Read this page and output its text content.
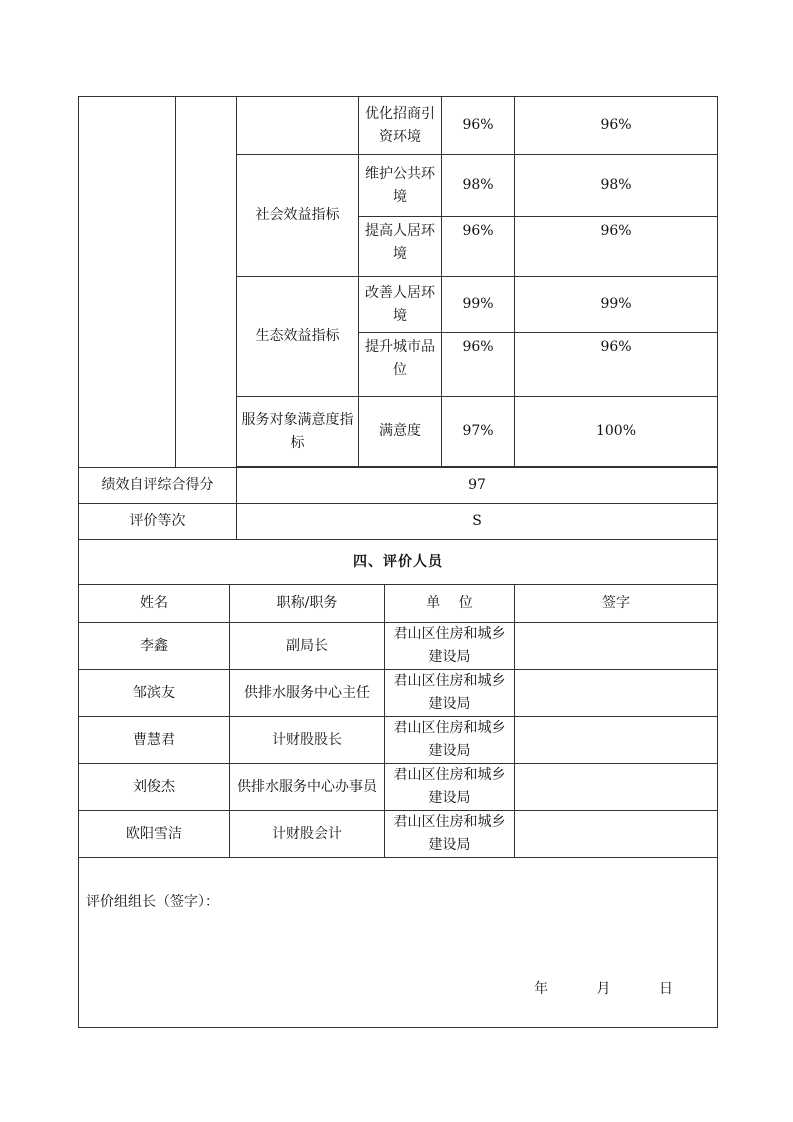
			优化招商引资环境	96%	96%
		社会效益指标	维护公共环境	98%	98%
			提高人居环境	96%	96%
		生态效益指标	改善人居环境	99%	99%
			提升城市品位	96%	96%
		服务对象满意度指标	满意度	97%	100%

绩效自评综合得分		97			
评价等次		S			
四、评价人员			
姓名	职称/职务	单 位	签字
李鑫	副局长	君山区住房和城乡建设局	
邹滨友	供排水服务中心主任	君山区住房和城乡建设局	
曹慧君	计财股股长	君山区住房和城乡建设局	
刘俊杰	供排水服务中心办事员	君山区住房和城乡建设局	
欧阳雪洁	计财股会计	君山区住房和城乡建设局	

评价组组长（签字）：
年 月 日			
